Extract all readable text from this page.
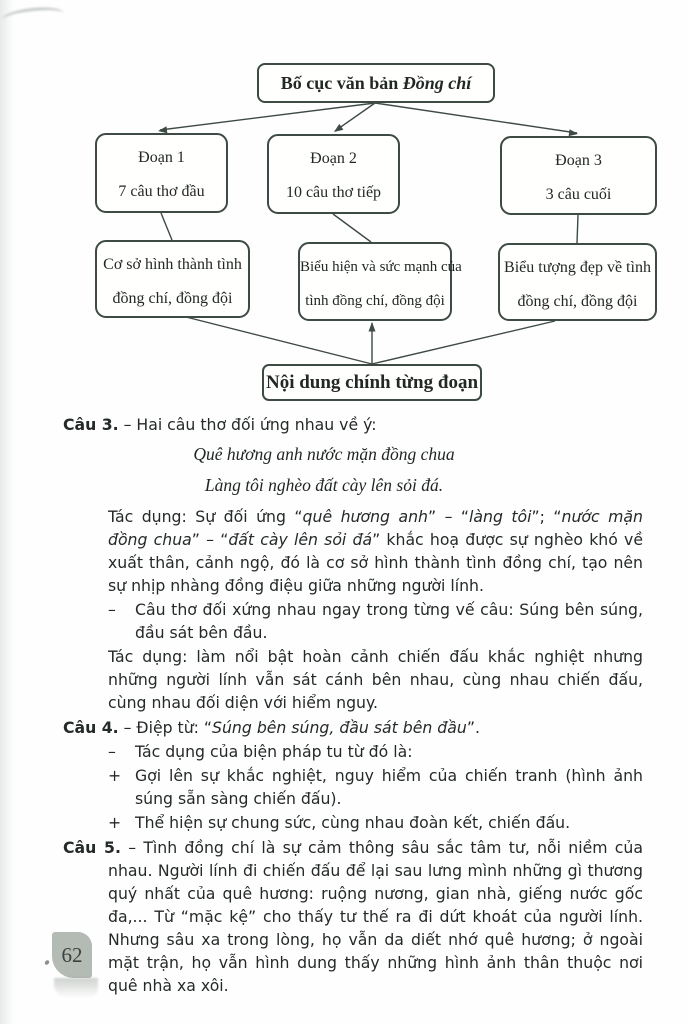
Bố cục văn bản Đồng chí
Đoạn 1
7 câu thơ đầu
Đoạn 2
10 câu thơ tiếp
Đoạn 3
3 câu cuối
Cơ sở hình thành tình
đồng chí, đồng đội
Biểu hiện và sức mạnh của
tình đồng chí, đồng đội
Biểu tượng đẹp về tình
đồng chí, đồng đội
Nội dung chính từng đoạn

Câu 3. – Hai câu thơ đối ứng nhau về ý:

Quê hương anh nước mặn đồng chua
Làng tôi nghèo đất cày lên sỏi đá.

Tác dụng: Sự đối ứng “quê hương anh” – “làng tôi”; “nước mặn đồng chua” – “đất cày lên sỏi đá” khắc hoạ được sự nghèo khó về xuất thân, cảnh ngộ, đó là cơ sở hình thành tình đồng chí, tạo nên sự nhịp nhàng đồng điệu giữa những người lính.

– Câu thơ đối xứng nhau ngay trong từng vế câu: Súng bên súng, đầu sát bên đầu.

Tác dụng: làm nổi bật hoàn cảnh chiến đấu khắc nghiệt nhưng những người lính vẫn sát cánh bên nhau, cùng nhau chiến đấu, cùng nhau đối diện với hiểm nguy.

Câu 4. – Điệp từ: “Súng bên súng, đầu sát bên đầu”.

– Tác dụng của biện pháp tu từ đó là:

+ Gợi lên sự khắc nghiệt, nguy hiểm của chiến tranh (hình ảnh súng sẵn sàng chiến đấu).

+ Thể hiện sự chung sức, cùng nhau đoàn kết, chiến đấu.

Câu 5. – Tình đồng chí là sự cảm thông sâu sắc tâm tư, nỗi niềm của nhau. Người lính đi chiến đấu để lại sau lưng mình những gì thương quý nhất của quê hương: ruộng nương, gian nhà, giếng nước gốc đa,... Từ “mặc kệ” cho thấy tư thế ra đi dứt khoát của người lính. Nhưng sâu xa trong lòng, họ vẫn da diết nhớ quê hương; ở ngoài mặt trận, họ vẫn hình dung thấy những hình ảnh thân thuộc nơi quê nhà xa xôi.

62
